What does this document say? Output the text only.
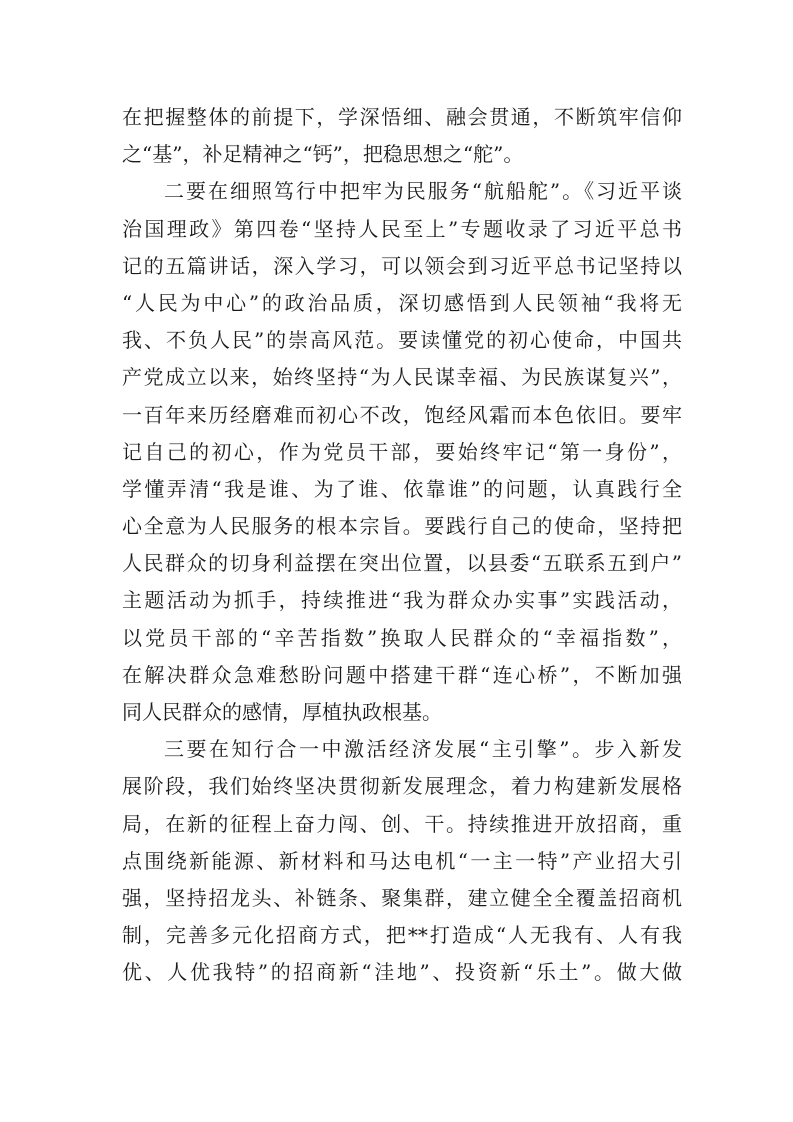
在把握整体的前提下，学深悟细、融会贯通，不断筑牢信仰
之“基”，补足精神之“钙”，把稳思想之“舵”。
二要在细照笃行中把牢为民服务“航船舵”。《习近平谈
治国理政》第四卷“坚持人民至上”专题收录了习近平总书
记的五篇讲话，深入学习，可以领会到习近平总书记坚持以
“人民为中心”的政治品质，深切感悟到人民领袖“我将无
我、不负人民”的崇高风范。要读懂党的初心使命，中国共
产党成立以来，始终坚持“为人民谋幸福、为民族谋复兴”，
一百年来历经磨难而初心不改，饱经风霜而本色依旧。要牢
记自己的初心，作为党员干部，要始终牢记“第一身份”，
学懂弄清“我是谁、为了谁、依靠谁”的问题，认真践行全
心全意为人民服务的根本宗旨。要践行自己的使命，坚持把
人民群众的切身利益摆在突出位置，以县委“五联系五到户”
主题活动为抓手，持续推进“我为群众办实事”实践活动，
以党员干部的“辛苦指数”换取人民群众的“幸福指数”，
在解决群众急难愁盼问题中搭建干群“连心桥”，不断加强
同人民群众的感情，厚植执政根基。
三要在知行合一中激活经济发展“主引擎”。步入新发
展阶段，我们始终坚决贯彻新发展理念，着力构建新发展格
局，在新的征程上奋力闯、创、干。持续推进开放招商，重
点围绕新能源、新材料和马达电机“一主一特”产业招大引
强，坚持招龙头、补链条、聚集群，建立健全全覆盖招商机
制，完善多元化招商方式，把**打造成“人无我有、人有我
优、人优我特”的招商新“洼地”、投资新“乐土”。做大做
